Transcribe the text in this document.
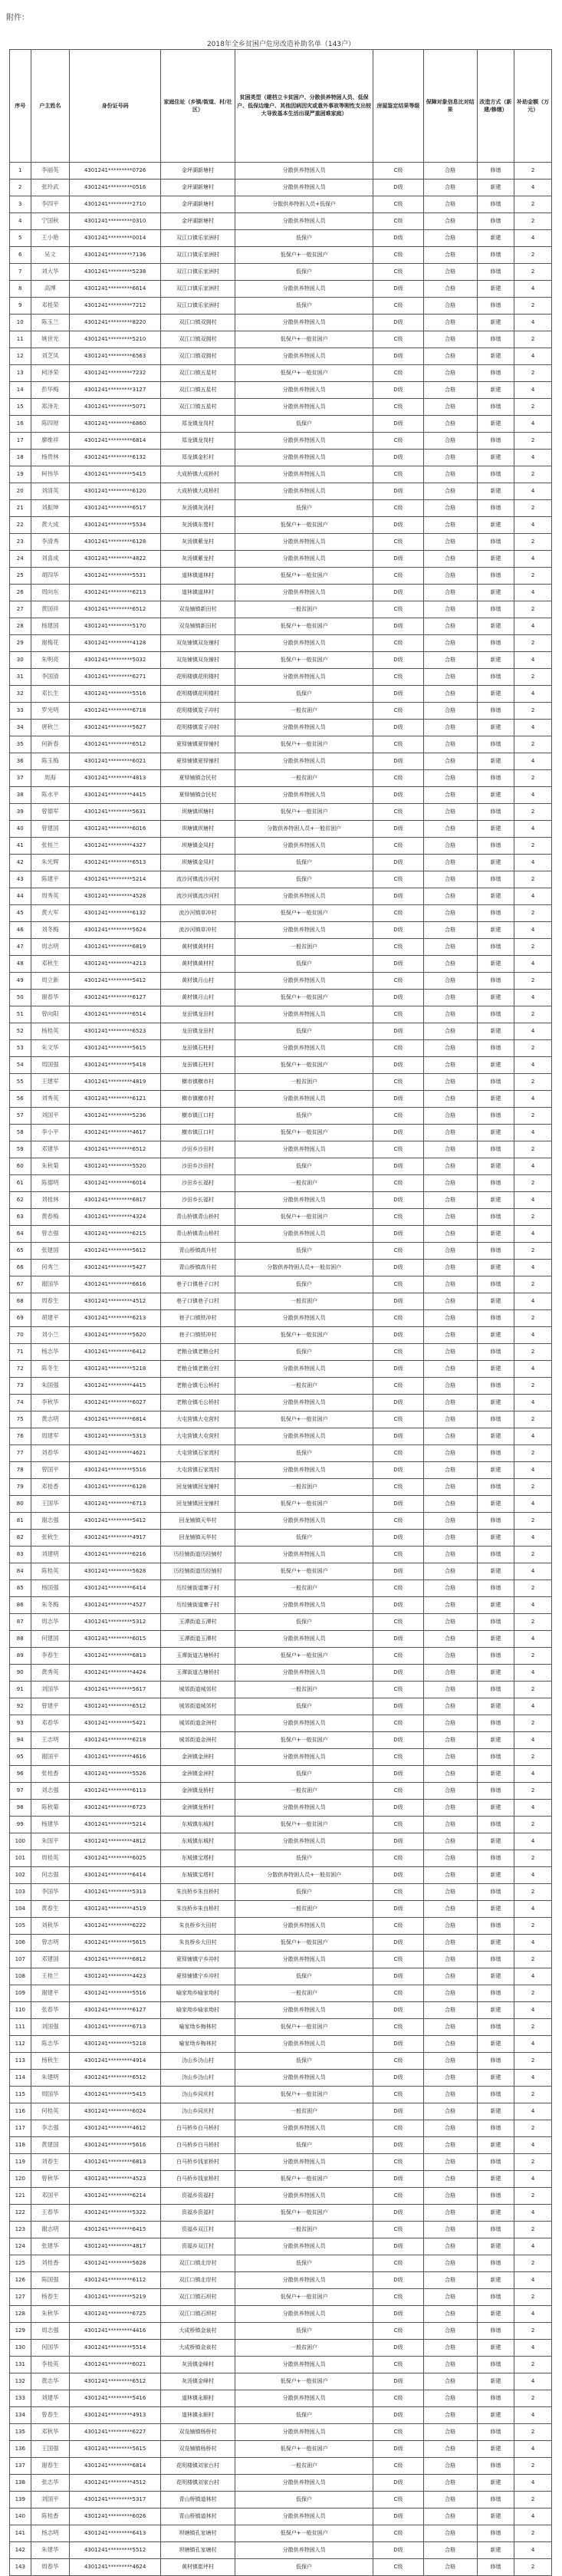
附件：
2018年全乡贫困户危房改造补助名单（143户）
序号	户主姓名	身份证号码	家庭住址（乡镇/街道、村/社区）	贫困类型（建档立卡贫困户、分散供养特困人员、低保户、低保边缘户、其他因病因灾或意外事故等刚性支出较大导致基本生活出现严重困难家庭）	房屋鉴定结果等级	保障对象信息比对结果	改造方式（新建/修缮）	补助金额（万元）
1	李丽英	4301241*********0726	金坪湖新塘村	分散供养特困人员	C级	合格	修缮	2
2	张玲武	4301241*********0516	金坪湖新塘村	分散供养特困人员	D级	合格	新建	4
3	李四平	4301241*********2710	金坪湖新塘村	分散供养特困人员+低保户	C级	合格	修缮	2
4	宁国秋	4301241*********0310	金坪湖新塘村	分散供养特困人员	C级	合格	修缮	2
5	王小艳	4301241*********0014	双江口镇乐家洲村	低保户	D级	合格	新建	4
6	吴文	4301241*********7136	双江口镇乐家洲村	低保户+一般贫困户	C级	合格	修缮	2
7	刘大华	4301241*********5238	双江口镇乐家洲村	低保户	C级	合格	修缮	2
8	高博	4301241*********6614	双江口镇乐家洲村	分散供养特困人员	D级	合格	新建	4
9	邓桂荣	4301241*********7212	双江口镇乐家洲村	低保户	C级	合格	修缮	2
10	陈玉兰	4301241*********8220	双江口镇双拥村	分散供养特困人员	D级	合格	新建	4
11	姚世光	4301241*********5210	双江口镇双拥村	低保户+一般贫困户	C级	合格	修缮	2
12	刘芝凤	4301241*********6563	双江口镇双拥村	分散供养特困人员	D级	合格	新建	4
13	柯泽荣	4301241*********7232	双江口镇五星村	低保户+一般贫困户	C级	合格	修缮	2
14	彭华梅	4301241*********3127	双江口镇五星村	分散供养特困人员	D级	合格	新建	4
15	郑泽先	4301241*********5071	双江口镇五星村	分散供养特困人员	C级	合格	修缮	2
16	陈四财	4301241*********6860	郑龙镇龙岗村	低保户	D级	合格	新建	4
17	廖维祥	4301241*********6814	郑龙镇龙岗村	分散供养特困人员	C级	合格	修缮	2
18	杨贵林	4301241*********6132	郑龙镇金杉村	分散供养特困人员	D级	合格	新建	4
19	柯伟华	4301241*********5415	大成桥镇大成桥村	分散供养特困人员	C级	合格	修缮	2
20	刘清英	4301241*********6120	大成桥镇大成桥村	分散供养特困人员	D级	合格	新建	4
21	刘振坤	4301241*********6517	灰汤镇灰汤村	低保户	C级	合格	修缮	2
22	黄大成	4301241*********5534	灰汤镇东鹜村	低保户+一般贫困户	D级	合格	新建	4
23	李清秀	4301241*********6128	灰汤镇紫龙村	分散供养特困人员	C级	合格	修缮	2
24	刘喜成	4301241*********4822	灰汤镇紫龙村	分散供养特困人员	D级	合格	新建	4
25	胡四华	4301241*********5531	道林镇道林村	低保户+一般贫困户	C级	合格	修缮	2
26	周向东	4301241*********6213	道林镇道林村	分散供养特困人员	D级	合格	新建	4
27	黄国祥	4301241*********6512	双凫铺镇新田村	一般贫困户	C级	合格	修缮	2
28	杨建国	4301241*********5170	双凫铺镇新田村	低保户+一般贫困户	D级	合格	新建	4
29	谢梅花	4301241*********4128	双凫铺镇双凫铺村	分散供养特困人员	C级	合格	修缮	2
30	朱明亮	4301241*********5032	双凫铺镇双凫铺村	低保户+一般贫困户	D级	合格	新建	4
31	李国清	4301241*********6271	花明楼镇花明楼村	分散供养特困人员	C级	合格	修缮	2
32	邓长生	4301241*********5516	花明楼镇花明楼村	低保户	D级	合格	新建	4
33	罗光明	4301241*********6718	花明楼镇炭子冲村	一般贫困户	C级	合格	修缮	2
34	唐秋兰	4301241*********5627	花明楼镇炭子冲村	分散供养特困人员	D级	合格	新建	4
35	何新春	4301241*********6512	夏铎铺镇夏铎铺村	低保户+一般贫困户	C级	合格	修缮	2
36	陈玉梅	4301241*********6021	夏铎铺镇夏铎铺村	分散供养特困人员	D级	合格	新建	4
37	周海	4301241*********4813	夏铎铺镇合民村	一般贫困户	C级	合格	修缮	2
38	陈水平	4301241*********4415	夏铎铺镇合民村	分散供养特困人员	D级	合格	新建	4
39	曾德军	4301241*********5631	坝塘镇坝塘村	低保户+一般贫困户	C级	合格	修缮	2
40	曾建国	4301241*********6016	坝塘镇坝塘村	分散供养特困人员+一般贫困户	D级	合格	新建	4
41	张桂兰	4301241*********4327	坝塘镇金凤村	分散供养特困人员	C级	合格	修缮	2
42	朱光辉	4301241*********6513	坝塘镇金凤村	低保户	D级	合格	新建	4
43	陈建平	4301241*********5214	流沙河镇流沙河村	低保户	C级	合格	修缮	2
44	周秀英	4301241*********4528	流沙河镇流沙河村	分散供养特困人员	D级	合格	新建	4
45	黄大军	4301241*********6132	流沙河镇草冲村	低保户+一般贫困户	C级	合格	修缮	2
46	刘冬梅	4301241*********5624	流沙河镇草冲村	分散供养特困人员	D级	合格	新建	4
47	周志明	4301241*********6819	黄材镇黄材村	一般贫困户	C级	合格	修缮	2
48	邓秋生	4301241*********4213	黄材镇黄材村	低保户	D级	合格	新建	4
49	周立新	4301241*********5412	黄材镇月山村	分散供养特困人员	C级	合格	修缮	2
50	谢春华	4301241*********6127	黄材镇月山村	低保户+一般贫困户	D级	合格	新建	4
51	曾向阳	4301241*********6514	龙田镇龙田村	分散供养特困人员	C级	合格	修缮	2
52	杨桂英	4301241*********6523	龙田镇龙田村	低保户	D级	合格	新建	4
53	朱文华	4301241*********5615	龙田镇石柱村	分散供养特困人员	C级	合格	修缮	2
54	周国强	4301241*********5418	龙田镇石柱村	低保户+一般贫困户	D级	合格	新建	4
55	王建军	4301241*********4819	横市镇横市村	一般贫困户	C级	合格	修缮	2
56	刘秀英	4301241*********6121	横市镇横市村	分散供养特困人员	D级	合格	新建	4
57	刘国平	4301241*********5236	横市镇江口村	低保户	C级	合格	修缮	2
58	李小平	4301241*********4617	横市镇江口村	低保户+一般贫困户	D级	合格	新建	4
59	邓建华	4301241*********6512	沙田乡沙田村	分散供养特困人员	C级	合格	修缮	2
60	朱秋菊	4301241*********5520	沙田乡沙田村	低保户	D级	合格	新建	4
61	陈德明	4301241*********6014	沙田乡长福村	一般贫困户	C级	合格	修缮	2
62	刘桂林	4301241*********6817	沙田乡长福村	分散供养特困人员	D级	合格	新建	4
63	黄春梅	4301241*********4324	青山桥镇青山桥村	低保户+一般贫困户	C级	合格	修缮	2
64	曾志强	4301241*********6215	青山桥镇青山桥村	分散供养特困人员	D级	合格	新建	4
65	张建国	4301241*********5612	青山桥镇高升村	低保户	C级	合格	修缮	2
66	何秀兰	4301241*********5427	青山桥镇高升村	分散供养特困人员+一般贫困户	D级	合格	新建	4
67	谢国华	4301241*********6616	巷子口镇巷子口村	低保户	C级	合格	修缮	2
68	周春生	4301241*********4512	巷子口镇巷子口村	一般贫困户	D级	合格	新建	4
69	胡建平	4301241*********6213	巷子口镇铁冲村	分散供养特困人员	C级	合格	修缮	2
70	刘小兰	4301241*********5620	巷子口镇铁冲村	低保户+一般贫困户	D级	合格	新建	4
71	杨志华	4301241*********6412	老粮仓镇老粮仓村	低保户	C级	合格	修缮	2
72	陈冬生	4301241*********5218	老粮仓镇老粮仓村	分散供养特困人员	D级	合格	新建	4
73	朱国强	4301241*********4415	老粮仓镇毛公桥村	一般贫困户	C级	合格	修缮	2
74	李秋华	4301241*********6027	老粮仓镇毛公桥村	分散供养特困人员	D级	合格	新建	4
75	黄志明	4301241*********6814	大屯营镇大屯营村	低保户+一般贫困户	C级	合格	修缮	2
76	周建军	4301241*********5313	大屯营镇大屯营村	分散供养特困人员	D级	合格	新建	4
77	刘春华	4301241*********4621	大屯营镇石家湾村	低保户	C级	合格	修缮	2
78	曾国平	4301241*********5516	大屯营镇石家湾村	分散供养特困人员	D级	合格	新建	4
79	邓桂香	4301241*********6128	回龙铺镇回龙铺村	一般贫困户	C级	合格	修缮	2
80	王国华	4301241*********6713	回龙铺镇回龙铺村	低保户+一般贫困户	D级	合格	新建	4
81	谢志强	4301241*********5412	回龙铺镇天华村	分散供养特困人员	C级	合格	修缮	2
82	张秋生	4301241*********4917	回龙铺镇天华村	低保户	D级	合格	新建	4
83	刘建明	4301241*********6216	历经铺街道历经铺村	分散供养特困人员	C级	合格	修缮	2
84	陈桂英	4301241*********5628	历经铺街道历经铺村	低保户+一般贫困户	D级	合格	新建	4
85	杨国强	4301241*********6414	历经铺街道寨子村	一般贫困户	C级	合格	修缮	2
86	朱冬梅	4301241*********4527	历经铺街道寨子村	分散供养特困人员	D级	合格	新建	4
87	周志华	4301241*********5312	玉潭街道玉潭村	低保户	C级	合格	修缮	2
88	何建国	4301241*********6015	玉潭街道玉潭村	分散供养特困人员	D级	合格	新建	4
89	李春生	4301241*********6813	玉潭街道古塘桥村	低保户+一般贫困户	C级	合格	修缮	2
90	黄秀英	4301241*********4424	玉潭街道古塘桥村	分散供养特困人员	D级	合格	新建	4
91	刘国华	4301241*********5617	城郊街道城郊村	一般贫困户	C级	合格	修缮	2
92	曾建平	4301241*********6512	城郊街道城郊村	低保户	D级	合格	新建	4
93	邓春华	4301241*********5421	城郊街道金洲村	分散供养特困人员	C级	合格	修缮	2
94	王志明	4301241*********6218	城郊街道金洲村	低保户+一般贫困户	D级	合格	新建	4
95	谢国平	4301241*********4616	金洲镇金洲村	分散供养特困人员	C级	合格	修缮	2
96	张桂香	4301241*********5526	金洲镇金洲村	低保户	D级	合格	新建	4
97	刘志强	4301241*********6113	金洲镇龙桥村	一般贫困户	C级	合格	修缮	2
98	陈秋菊	4301241*********6723	金洲镇龙桥村	分散供养特困人员	D级	合格	新建	4
99	杨建华	4301241*********5214	东城镇东城村	低保户+一般贫困户	C级	合格	修缮	2
100	朱国平	4301241*********4812	东城镇东城村	分散供养特困人员	D级	合格	新建	4
101	周桂英	4301241*********6025	东城镇宝塔村	低保户	C级	合格	修缮	2
102	何志强	4301241*********6414	东城镇宝塔村	分散供养特困人员+一般贫困户	D级	合格	新建	4
103	李国华	4301241*********5313	朱良桥乡朱良桥村	低保户	C级	合格	修缮	2
104	黄春生	4301241*********4519	朱良桥乡朱良桥村	一般贫困户	D级	合格	新建	4
105	刘秋华	4301241*********6222	朱良桥乡大田村	分散供养特困人员	C级	合格	修缮	2
106	曾志明	4301241*********5615	朱良桥乡大田村	低保户+一般贫困户	D级	合格	新建	4
107	邓建国	4301241*********6812	夏铎铺镇宁乡冲村	分散供养特困人员	C级	合格	修缮	2
108	王桂兰	4301241*********4423	夏铎铺镇宁乡冲村	低保户	D级	合格	新建	4
109	谢建平	4301241*********5516	喻家坳乡喻家坳村	一般贫困户	C级	合格	修缮	2
110	张春华	4301241*********6127	喻家坳乡喻家坳村	分散供养特困人员	D级	合格	新建	4
111	刘国强	4301241*********6713	喻家坳乡梅林村	低保户+一般贫困户	C级	合格	修缮	2
112	陈志华	4301241*********5218	喻家坳乡梅林村	分散供养特困人员	D级	合格	新建	4
113	杨秋生	4301241*********4914	沩山乡沩山村	低保户	C级	合格	修缮	2
114	朱建明	4301241*********6512	沩山乡沩山村	分散供养特困人员	D级	合格	新建	4
115	周国华	4301241*********5415	沩山乡同庆村	低保户+一般贫困户	C级	合格	修缮	2
116	何桂英	4301241*********6024	沩山乡同庆村	一般贫困户	D级	合格	新建	4
117	李志强	4301241*********4612	白马桥乡白马桥村	分散供养特困人员	C级	合格	修缮	2
118	黄建国	4301241*********5616	白马桥乡白马桥村	低保户	D级	合格	新建	4
119	刘春生	4301241*********6813	白马桥乡钱家桥村	分散供养特困人员	C级	合格	修缮	2
120	曾秋华	4301241*********4523	白马桥乡钱家桥村	低保户+一般贫困户	D级	合格	新建	4
121	邓国平	4301241*********6214	资福乡资福村	分散供养特困人员	C级	合格	修缮	2
122	王春华	4301241*********5322	资福乡资福村	低保户+一般贫困户	D级	合格	新建	4
123	谢志明	4301241*********6415	资福乡双江村	一般贫困户	C级	合格	修缮	2
124	张建华	4301241*********4817	资福乡双江村	分散供养特困人员	D级	合格	新建	4
125	刘桂香	4301241*********5628	双江口镇北岸村	低保户	C级	合格	修缮	2
126	陈国强	4301241*********6112	双江口镇北岸村	分散供养特困人员	D级	合格	新建	4
127	杨春生	4301241*********5219	双江口镇石坝村	低保户+一般贫困户	C级	合格	修缮	2
128	朱秋华	4301241*********6725	双江口镇石坝村	分散供养特困人员	D级	合格	新建	4
129	周志强	4301241*********4416	大成桥镇金泉村	低保户	C级	合格	修缮	2
130	何国华	4301241*********5514	大成桥镇金泉村	一般贫困户	D级	合格	新建	4
131	李桂英	4301241*********6021	灰汤镇金峰村	分散供养特困人员	C级	合格	修缮	2
132	黄志华	4301241*********6512	灰汤镇金峰村	低保户+一般贫困户	D级	合格	新建	4
133	刘建华	4301241*********5416	道林镇永顺村	分散供养特困人员	C级	合格	修缮	2
134	曾春生	4301241*********4913	道林镇永顺村	低保户	D级	合格	新建	4
135	邓秋华	4301241*********6227	双凫铺镇杨桥村	分散供养特困人员	C级	合格	修缮	2
136	王国强	4301241*********5615	双凫铺镇杨桥村	低保户+一般贫困户	D级	合格	新建	4
137	谢春生	4301241*********6814	花明楼镇刘家台村	一般贫困户	C级	合格	修缮	2
138	张志华	4301241*********4512	花明楼镇刘家台村	分散供养特困人员	D级	合格	新建	4
139	刘国平	4301241*********5317	青山桥镇道林村	低保户	C级	合格	修缮	2
140	陈桂香	4301241*********6026	青山桥镇道林村	分散供养特困人员	D级	合格	新建	4
141	杨志明	4301241*********6413	坝塘镇孔家塘村	低保户+一般贫困户	C级	合格	修缮	2
142	朱建华	4301241*********5512	坝塘镇孔家塘村	分散供养特困人员	D级	合格	新建	4
143	周春华	4301241*********4624	黄材镇崔坪村	低保户	C级	合格	修缮	2
